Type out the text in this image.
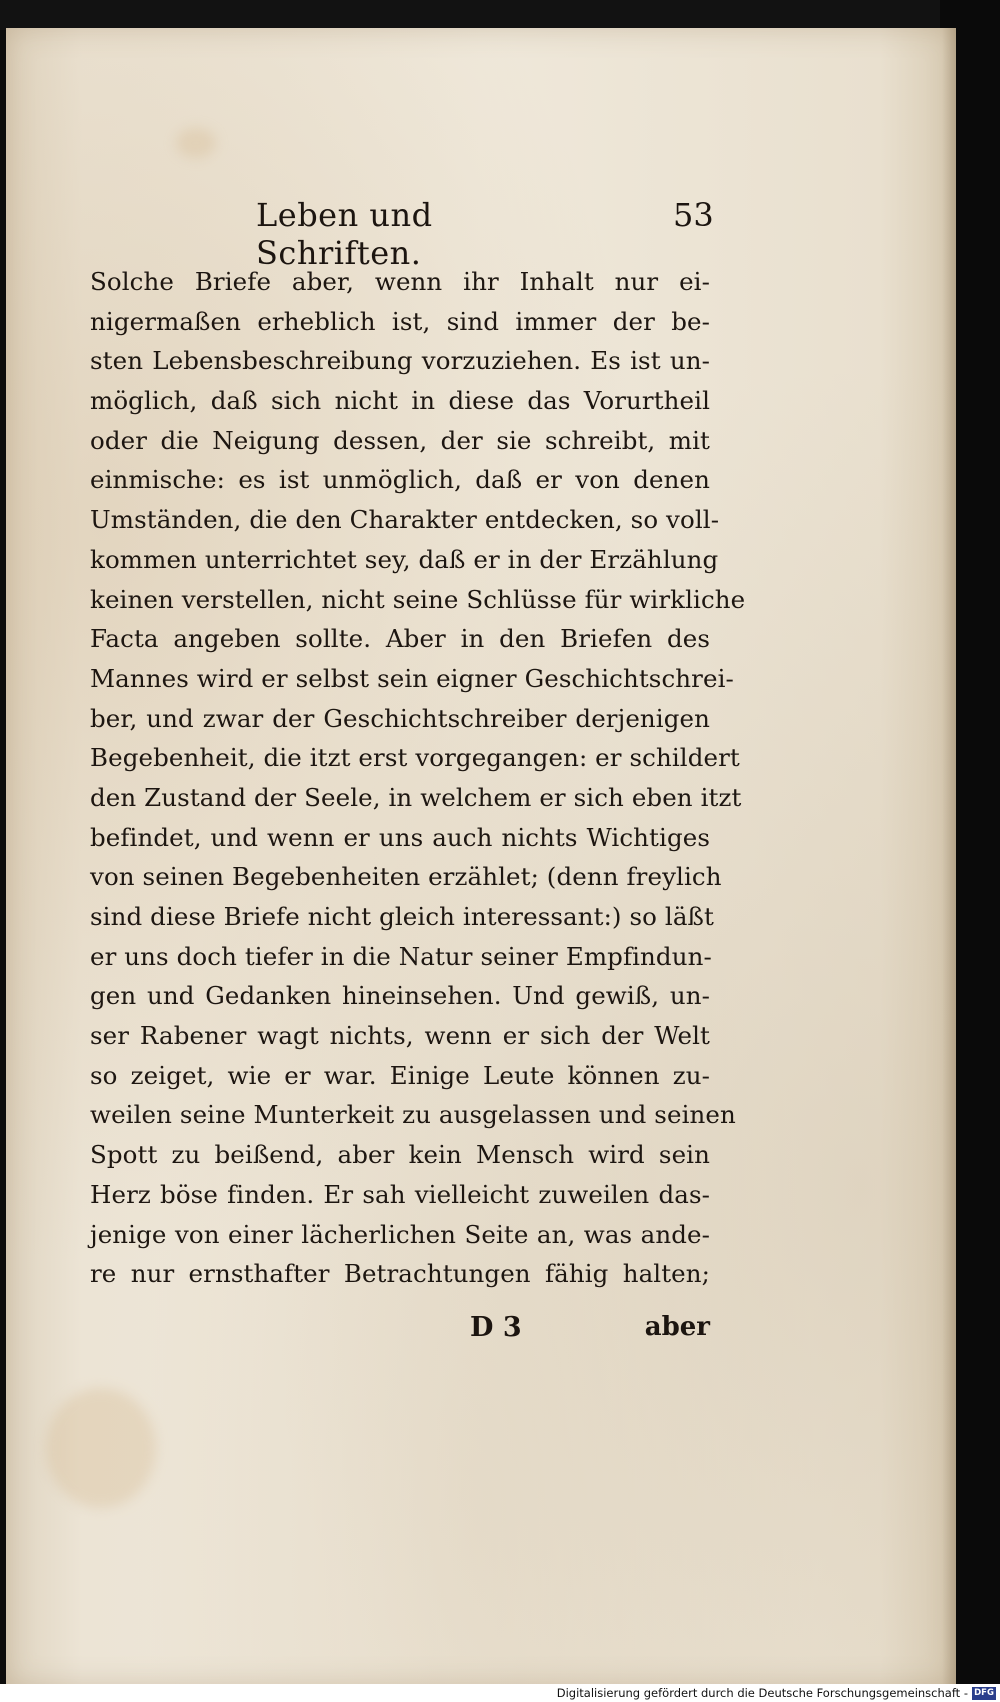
Leben und Schriften.
53
Solche Briefe aber, wenn ihr Inhalt nur ei-
nigermaßen erheblich ist, sind immer der be-
sten Lebensbeschreibung vorzuziehen. Es ist un-
möglich, daß sich nicht in diese das Vorurtheil
oder die Neigung dessen, der sie schreibt, mit
einmische: es ist unmöglich, daß er von denen
Umständen, die den Charakter entdecken, so voll-
kommen unterrichtet sey, daß er in der Erzählung
keinen verstellen, nicht seine Schlüsse für wirkliche
Facta angeben sollte. Aber in den Briefen des
Mannes wird er selbst sein eigner Geschichtschrei-
ber, und zwar der Geschichtschreiber derjenigen
Begebenheit, die itzt erst vorgegangen: er schildert
den Zustand der Seele, in welchem er sich eben itzt
befindet, und wenn er uns auch nichts Wichtiges
von seinen Begebenheiten erzählet; (denn freylich
sind diese Briefe nicht gleich interessant:) so läßt
er uns doch tiefer in die Natur seiner Empfindun-
gen und Gedanken hineinsehen. Und gewiß, un-
ser Rabener wagt nichts, wenn er sich der Welt
so zeiget, wie er war. Einige Leute können zu-
weilen seine Munterkeit zu ausgelassen und seinen
Spott zu beißend, aber kein Mensch wird sein
Herz böse finden. Er sah vielleicht zuweilen das-
jenige von einer lächerlichen Seite an, was ande-
re nur ernsthafter Betrachtungen fähig halten;
D 3	aber
Digitalisierung gefördert durch die Deutsche Forschungsgemeinschaft - DFG
